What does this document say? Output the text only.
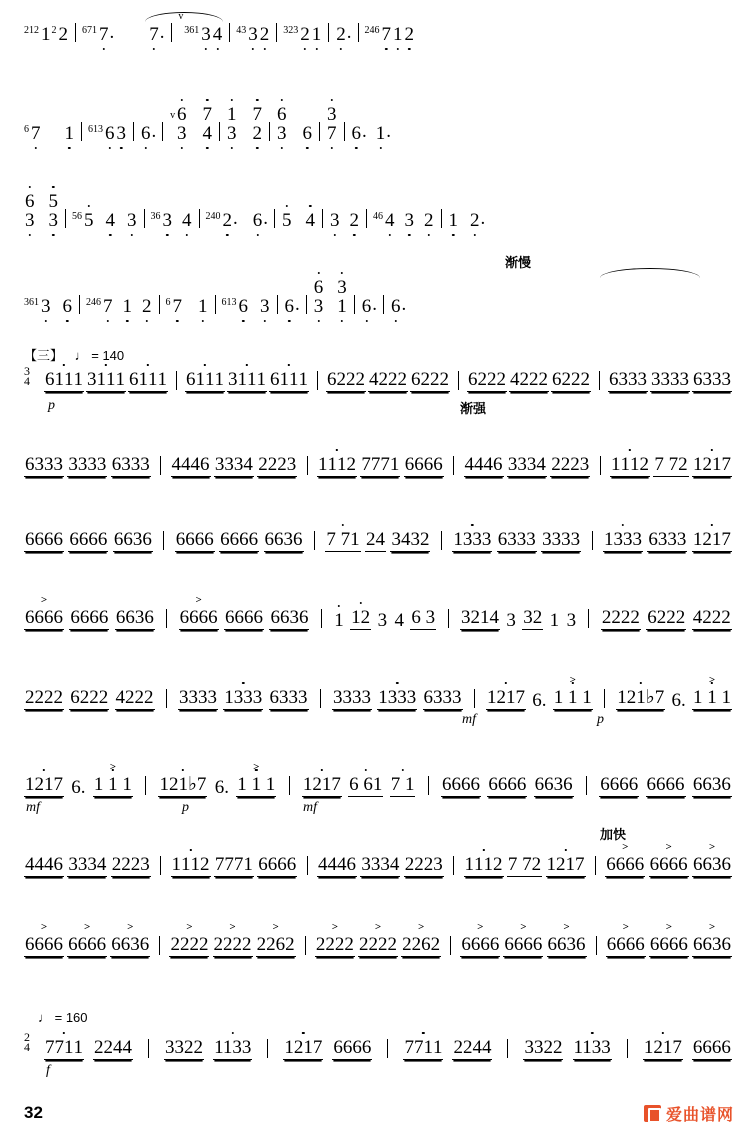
212 1 2 2 671 7 . 7 . v 361 3 4 43 3 2 323 2 1 2 . 246 7 1 2
6 7 1 613 6 3 6 .
v
6
3
7
4
1
3
7
2
6
3 6
3
7 6 . 1 .
6
3
5
3 56 5 4 3 36 3 4 240 2 . 6 . 5 4 3 2 46 4 3 2 1 2 .
渐慢
361 3 6 246 7 1 2 6 7 1 613 6 3 6 .
6
3
3
1 6 . 6 .
【三】 ♩ = 140
3
4 6111 3111 6111 6111 3111 6111 6222 4222 6222 6222 4222 6222 6333 3333 6333
p	渐强
6333 3333 6333 4446 3334 2223 1112 7771 6666 4446 3334 2223 1112 7 72 1217
6666 6666 6636 6666 6666 6636 7 71 24 3432 1333 6333 3333 1333 6333 1217
> 6666 6666 6636 > 6666 6666 6636 1 12 3 4 6 3 3214 3 32 1 3 2222 6222 4222
2222 6222 4222 3333 1333 6333 3333 1333 6333 1217 6. > 1 1 1 121♭7 6. > 1 1 1
mf	p
1217 6. > 1 1 1 121♭7 6. > 1 1 1 1217 6 61 7 1 6666 6666 6636 6666 6666 6636
mf	p	mf
加快
4446 3334 2223 1112 7771 6666 4446 3334 2223 1112 7 72 1217 > 6666 > 6666 > 6636
> 6666 > 6666 > 6636 > 2222 > 2222 > 2262 > 2222 > 2222 > 2262 > 6666 > 6666 > 6636 > 6666 > 6666 > 6636
♩ = 160
2
4 7711 2244 3322 1133 1217 6666 7711 2244 3322 1133 1217 6666
f
32	爱曲谱网
